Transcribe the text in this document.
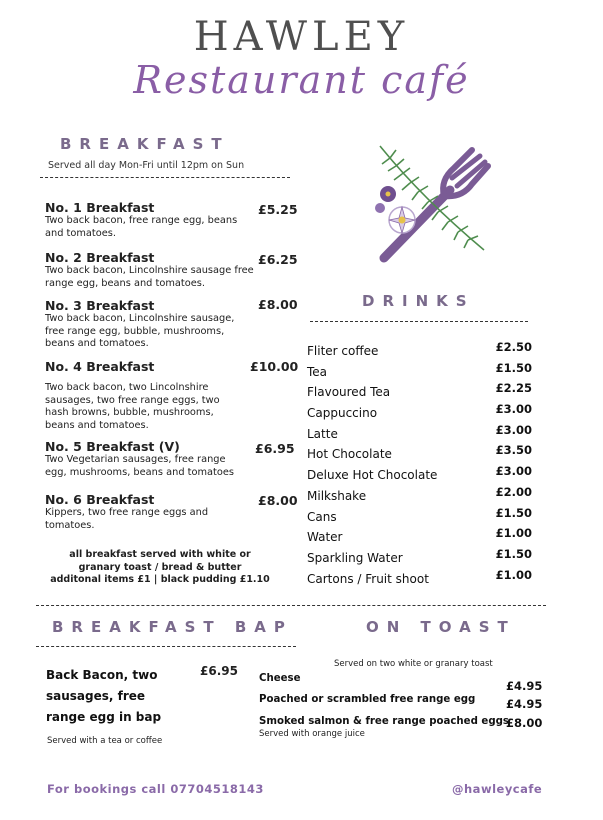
HAWLEY
Restaurant café
BREAKFAST
Served all day Mon-Fri until 12pm on Sun
No. 1 Breakfast
Two back bacon, free range egg, beans and tomatoes.
£5.25
No. 2 Breakfast
Two back bacon, Lincolnshire sausage free range egg, beans and tomatoes.
£6.25
No. 3 Breakfast
Two back bacon, Lincolnshire sausage, free range egg, bubble, mushrooms, beans and tomatoes.
£8.00
No. 4 Breakfast
Two back bacon, two Lincolnshire sausages, two free range eggs, two hash browns, bubble, mushrooms, beans and tomatoes.
£10.00
No. 5 Breakfast (V)
Two Vegetarian sausages, free range egg, mushrooms, beans and tomatoes
£6.95
No. 6 Breakfast
Kippers, two free range eggs and tomatoes.
£8.00
all breakfast served with white or
granary toast / bread & butter
additonal items £1 | black pudding £1.10
DRINKS
Fliter coffee	£2.50
Tea	£1.50
Flavoured Tea	£2.25
Cappuccino	£3.00
Latte	£3.00
Hot Chocolate	£3.50
Deluxe Hot Chocolate	£3.00
Milkshake	£2.00
Cans	£1.50
Water	£1.00
Sparkling Water	£1.50
Cartons / Fruit shoot	£1.00
BREAKFAST BAP
Back Bacon, two sausages, free range egg in bap
£6.95
Served with a tea or coffee
ON TOAST
Served on two white or granary toast
Cheese
£4.95
Poached or scrambled free range egg	£4.95
Smoked salmon & free range poached eggs
£8.00
Served with orange juice
For bookings call 07704518143	@hawleycafe
